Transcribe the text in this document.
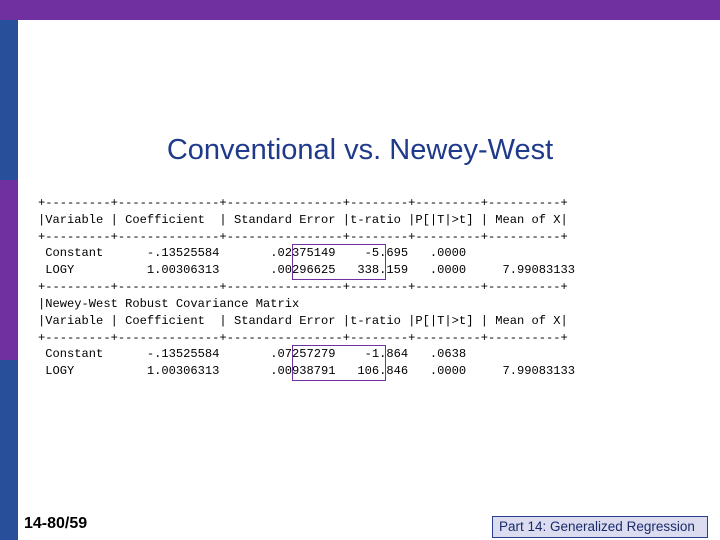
Conventional vs. Newey-West
+---------+--------------+----------------+--------+---------+----------+
|Variable | Coefficient  | Standard Error |t-ratio |P[|T|>t] | Mean of X|
+---------+--------------+----------------+--------+---------+----------+
Constant      -.13525584       .02375149    -5.695   .0000
LOGY          1.00306313       .00296625   338.159   .0000     7.99083133
+---------+--------------+----------------+--------+---------+----------+
|Newey-West Robust Covariance Matrix
|Variable | Coefficient  | Standard Error |t-ratio |P[|T|>t] | Mean of X|
+---------+--------------+----------------+--------+---------+----------+
Constant      -.13525584       .07257279    -1.864   .0638
LOGY          1.00306313       .00938791   106.846   .0000     7.99083133
14-80/59	Part 14: Generalized Regression
